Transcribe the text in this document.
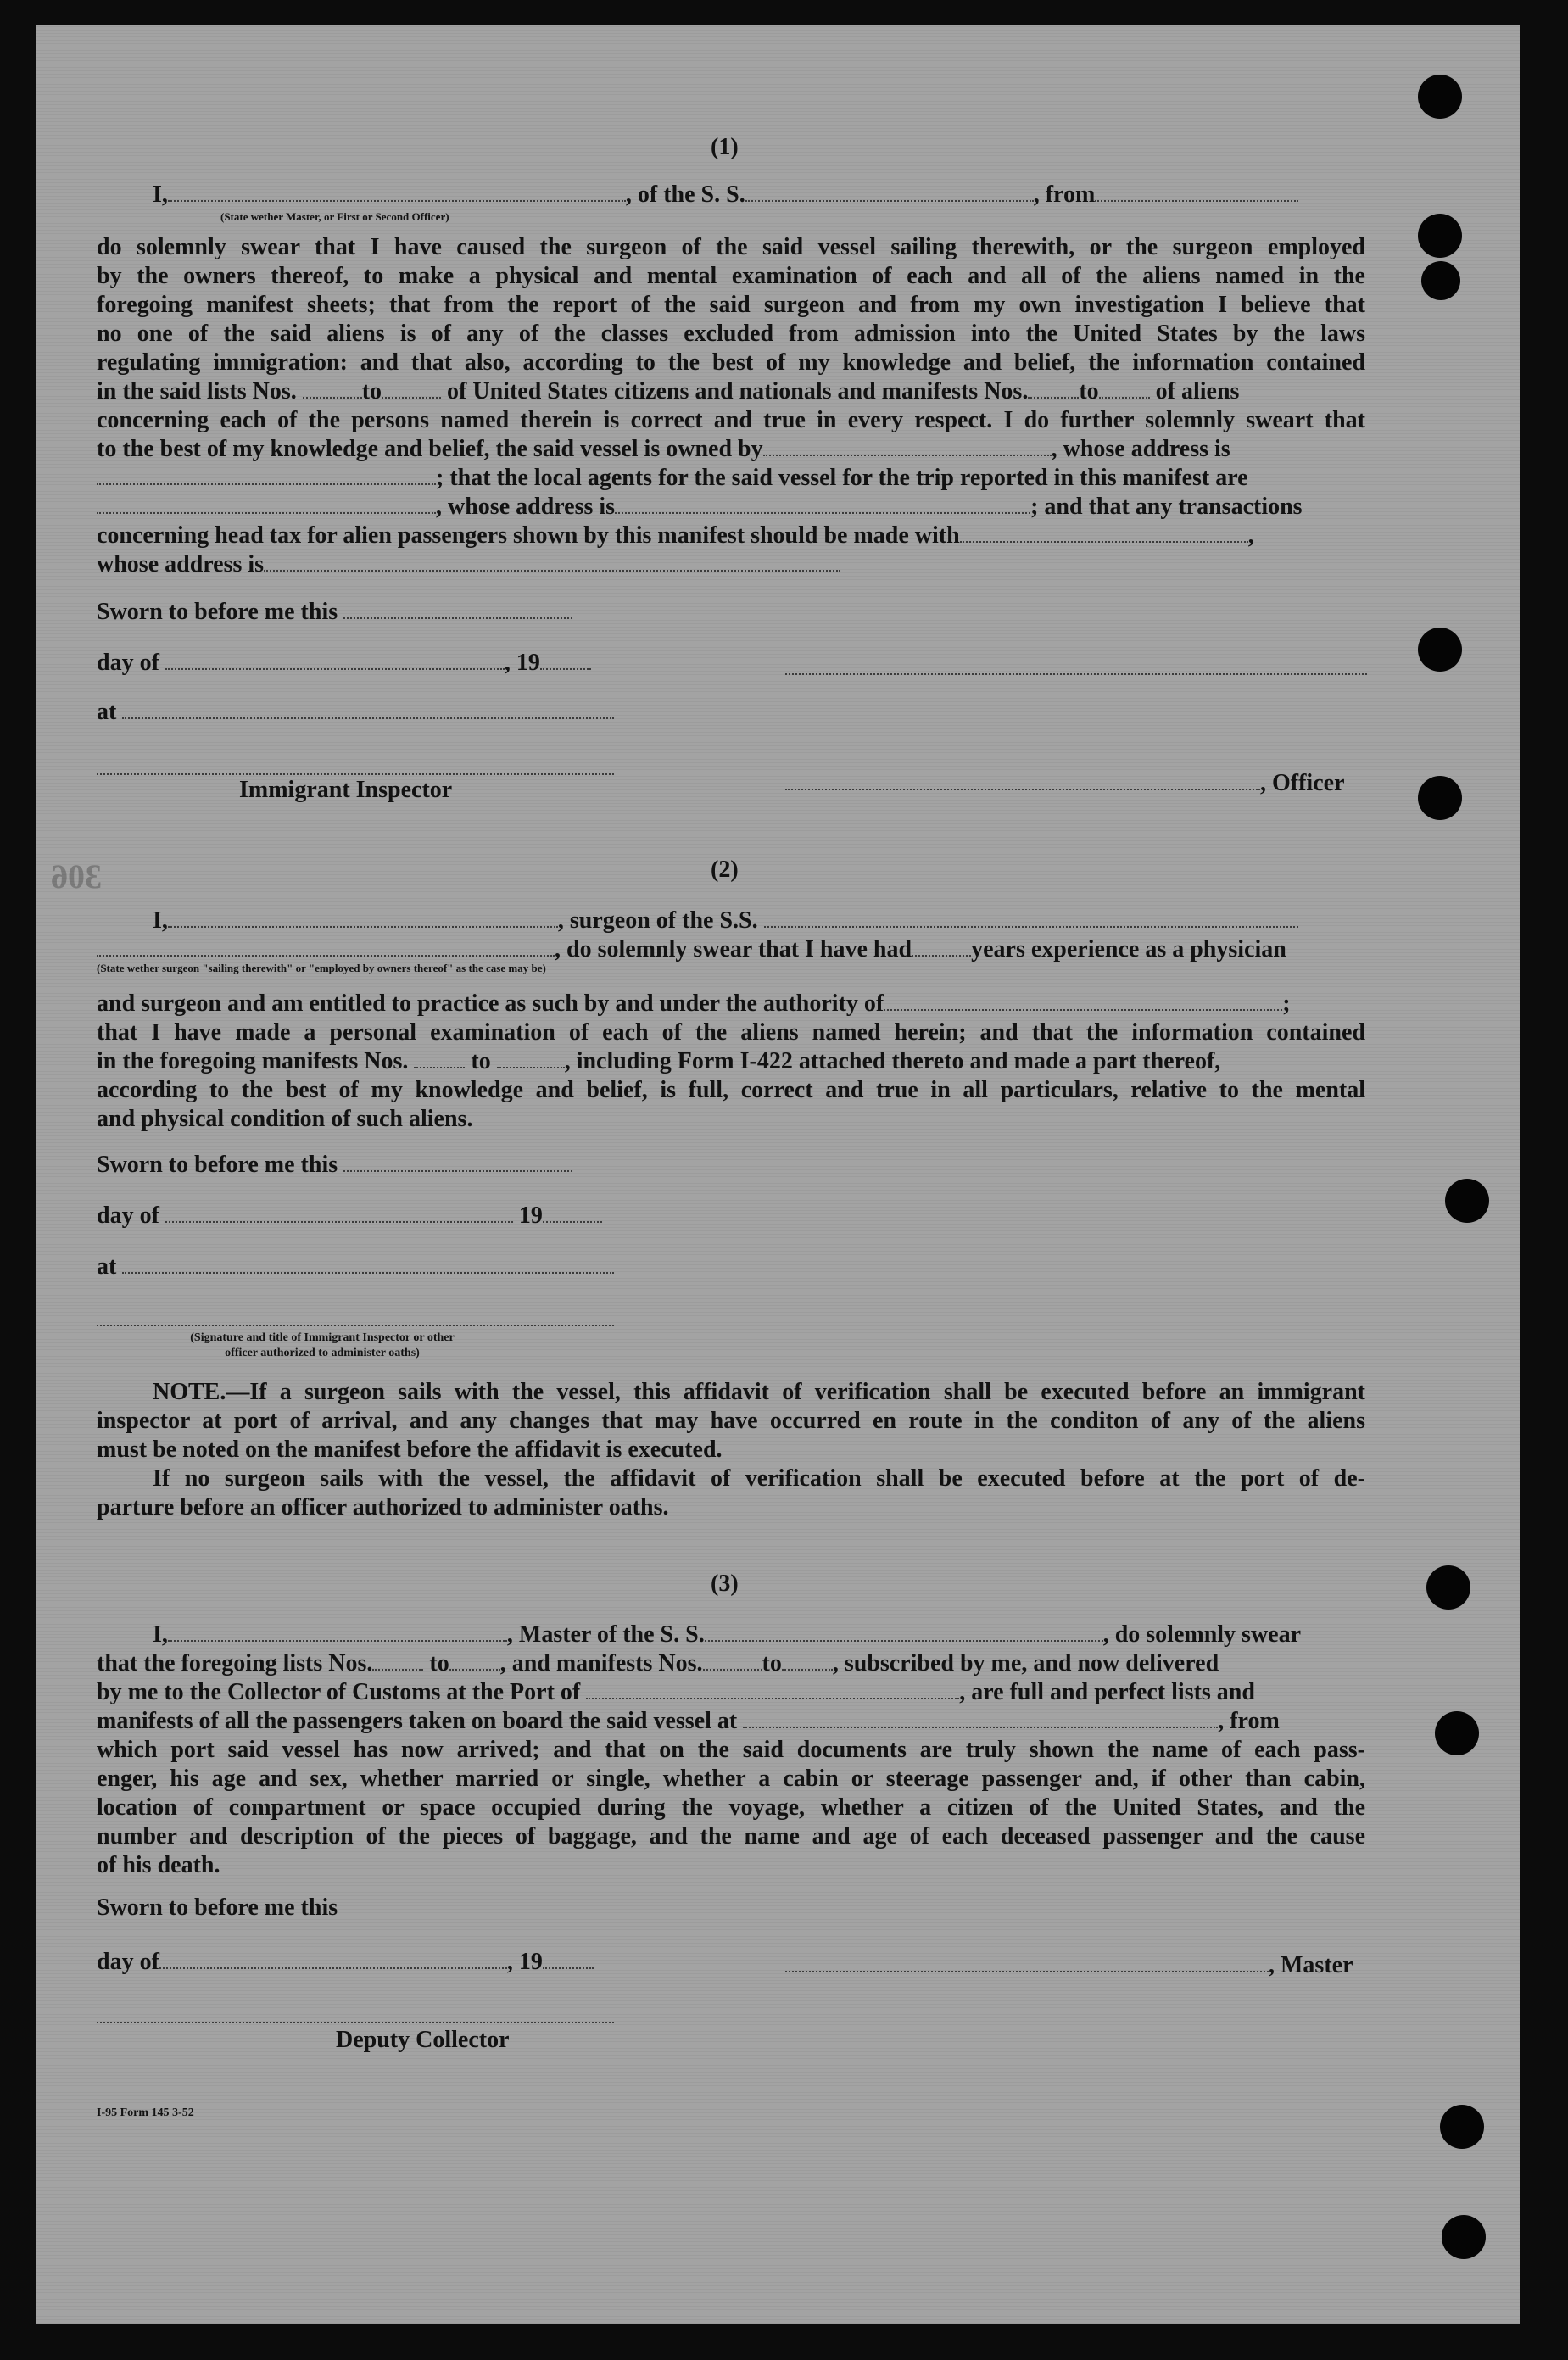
306
(1)
I,	, of the S. S.	, from
(State wether Master, or First or Second Officer)
do solemnly swear that I have caused the surgeon of the said vessel sailing therewith, or the surgeon employed
by the owners thereof, to make a physical and mental examination of each and all of the aliens named in the
foregoing manifest sheets; that from the report of the said surgeon and from my own investigation I believe that
no one of the said aliens is of any of the classes excluded from admission into the United States by the laws
regulating immigration: and that also, according to the best of my knowledge and belief, the information contained
in the said lists Nos.	to	of United States citizens and nationals and manifests Nos. to of aliens
concerning each of the persons named therein is correct and true in every respect. I do further solemnly sweart that
to the best of my knowledge and belief, the said vessel is owned by	, whose address is
; that the local agents for the said vessel for the trip reported in this manifest are
, whose address is	; and that any transactions
concerning head tax for alien passengers shown by this manifest should be made with	,
whose address is
Sworn to before me this
day of	, 19
at
Immigrant Inspector	, Officer
(2)
I,	, surgeon of the S.S.
, do solemnly swear that I have had	years experience as a physician
(State wether surgeon "sailing therewith" or "employed by owners thereof" as the case may be)
and surgeon and am entitled to practice as such by and under the authority of	;
that I have made a personal examination of each of the aliens named herein; and that the information contained
in the foregoing manifests Nos.	to	, including Form I-422 attached thereto and made a part thereof,
according to the best of my knowledge and belief, is full, correct and true in all particulars, relative to the mental
and physical condition of such aliens.
Sworn to before me this
day of	19
at
(Signature and title of Immigrant Inspector or other
officer authorized to administer oaths)
NOTE.—If a surgeon sails with the vessel, this affidavit of verification shall be executed before an immigrant
inspector at port of arrival, and any changes that may have occurred en route in the conditon of any of the aliens
must be noted on the manifest before the affidavit is executed.
If no surgeon sails with the vessel, the affidavit of verification shall be executed before at the port of de-
parture before an officer authorized to administer oaths.
(3)
I,	, Master of the S. S.	, do solemnly swear
that the foregoing lists Nos. to , and manifests Nos.	to , subscribed by me, and now delivered
by me to the Collector of Customs at the Port of	, are full and perfect lists and
manifests of all the passengers taken on board the said vessel at	, from
which port said vessel has now arrived; and that on the said documents are truly shown the name of each pass-
enger, his age and sex, whether married or single, whether a cabin or steerage passenger and, if other than cabin,
location of compartment or space occupied during the voyage, whether a citizen of the United States, and the
number and description of the pieces of baggage, and the name and age of each deceased passenger and the cause
of his death.
Sworn to before me this
day of	, 19	, Master
Deputy Collector
I-95 Form 145 3-52
